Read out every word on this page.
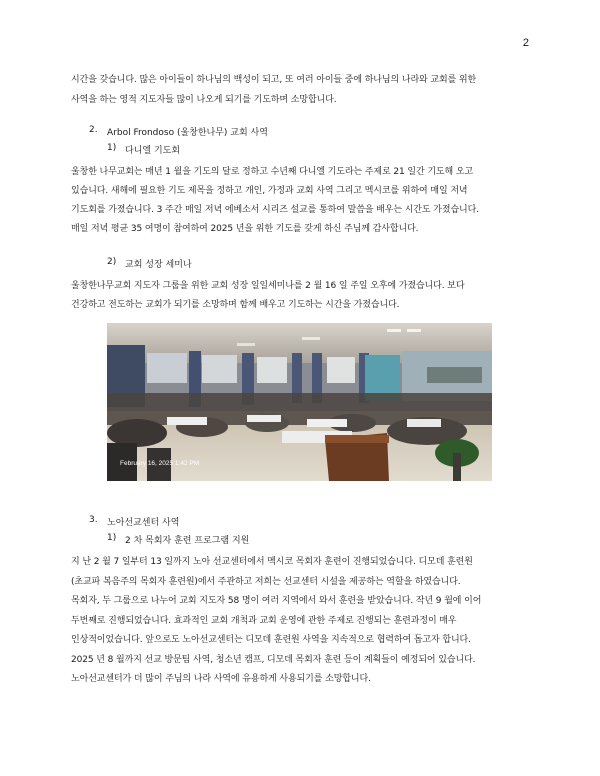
2
시간을 갖습니다. 많은 아이들이 하나님의 백성이 되고, 또 여러 아이들 중에 하나님의 나라와 교회를 위한
사역을 하는 영적 지도자들 많이 나오게 되기를 기도하며 소망합니다.
2. Arbol Frondoso (울창한나무) 교회 사역
1) 다니엘 기도회
울창한 나무교회는 매년 1 월을 기도의 달로 정하고 수년째 다니엘 기도라는 주제로 21 일간 기도해 오고
있습니다. 새해에 필요한 기도 제목을 정하고 개인, 가정과 교회 사역 그리고 멕시코를 위하여 매일 저녁
기도회를 가졌습니다. 3 주간 매일 저녁 에베소서 시리즈 설교를 통하여 말씀을 배우는 시간도 가졌습니다.
매일 저녁 평균 35 여명이 참여하여 2025 년을 위한 기도를 갖게 하신 주님께 감사합니다.
2) 교회 성장 세미나
울창한나무교회 지도자 그룹을 위한 교회 성장 일일세미나를 2 월 16 일 주일 오후에 가졌습니다. 보다
건강하고 전도하는 교회가 되기를 소망하며 함께 배우고 기도하는 시간을 가졌습니다.
February 16, 2025 1:42 PM
3. 노아선교센터 사역
1) 2 차 목회자 훈련 프로그램 지원
지 난 2 월 7 일부터 13 일까지 노아 선교센터에서 멕시코 목회자 훈련이 진행되었습니다. 디모데 훈련원
(초교파 복음주의 목회자 훈련원)에서 주관하고 저희는 선교센터 시설을 제공하는 역할을 하였습니다.
목회자, 두 그룹으로 나누어 교회 지도자 58 명이 여러 지역에서 와서 훈련을 받았습니다. 작년 9 월에 이어
두번째로 진행되었습니다. 효과적인 교회 개척과 교회 운영에 관한 주제로 진행되는 훈련과정이 매우
인상적이었습니다. 앞으로도 노아선교센터는 디모데 훈련원 사역을 지속적으로 협력하여 돕고자 합니다.
2025 년 8 월까지 선교 방문팀 사역, 청소년 캠프, 디모데 목회자 훈련 등이 계획들이 예정되어 있습니다.
노아선교센터가 더 많이 주님의 나라 사역에 유용하게 사용되기를 소망합니다.
